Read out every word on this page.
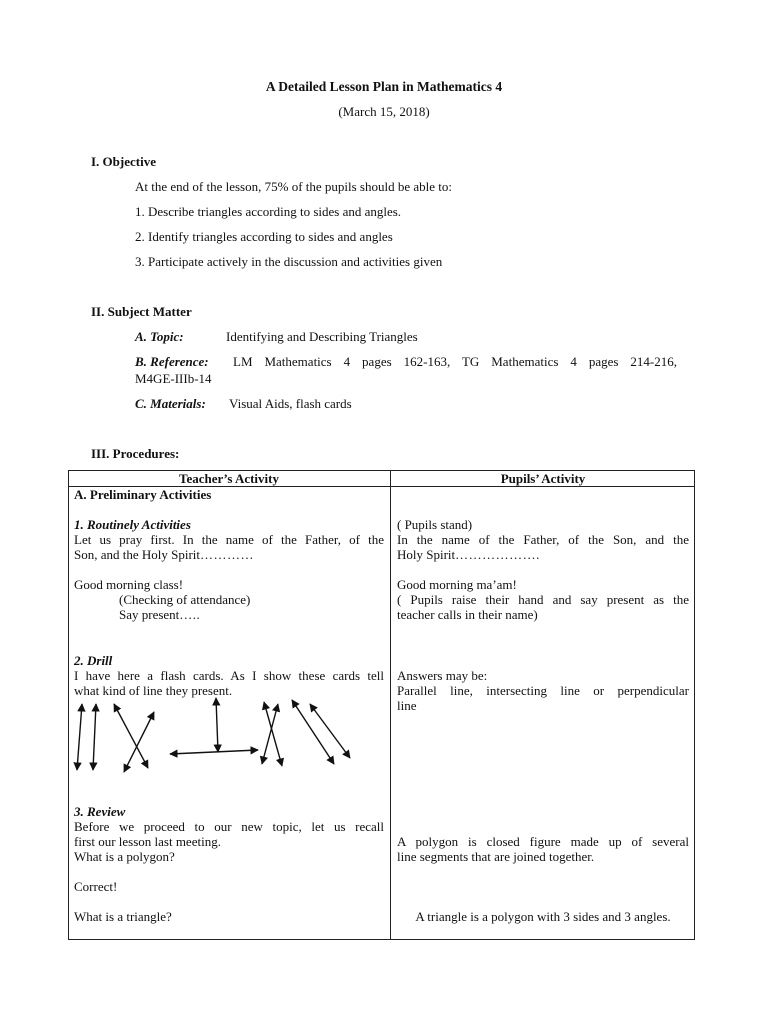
A Detailed Lesson Plan in Mathematics 4
(March 15, 2018)
I. Objective
At the end of the lesson, 75% of the pupils should be able to:
1. Describe triangles according to sides and angles.
2. Identify triangles according to sides and angles
3. Participate actively in the discussion and activities given
II. Subject Matter
A. Topic:	Identifying and Describing Triangles
B. Reference: LM Mathematics 4 pages 162-163, TG Mathematics 4 pages 214-216,
M4GE-IIIb-14
C. Materials: Visual Aids, flash cards
III. Procedures:
Teacher’s Activity	Pupils’ Activity
A. Preliminary Activities
1. Routinely Activities
Let us pray first. In the name of the Father, of the
Son, and the Holy Spirit…………
Good morning class!
(Checking of attendance)
Say present…..
2. Drill
I have here a flash cards. As I show these cards tell
what kind of line they present.
3. Review
Before we proceed to our new topic, let us recall
first our lesson last meeting.
What is a polygon?
Correct!
What is a triangle?
( Pupils stand)
In the name of the Father, of the Son, and the
Holy Spirit……………….
Good morning ma’am!
( Pupils raise their hand and say present as the
teacher calls in their name)
Answers may be:
Parallel line, intersecting line or perpendicular
line
A polygon is closed figure made up of several
line segments that are joined together.
A triangle is a polygon with 3 sides and 3 angles.
